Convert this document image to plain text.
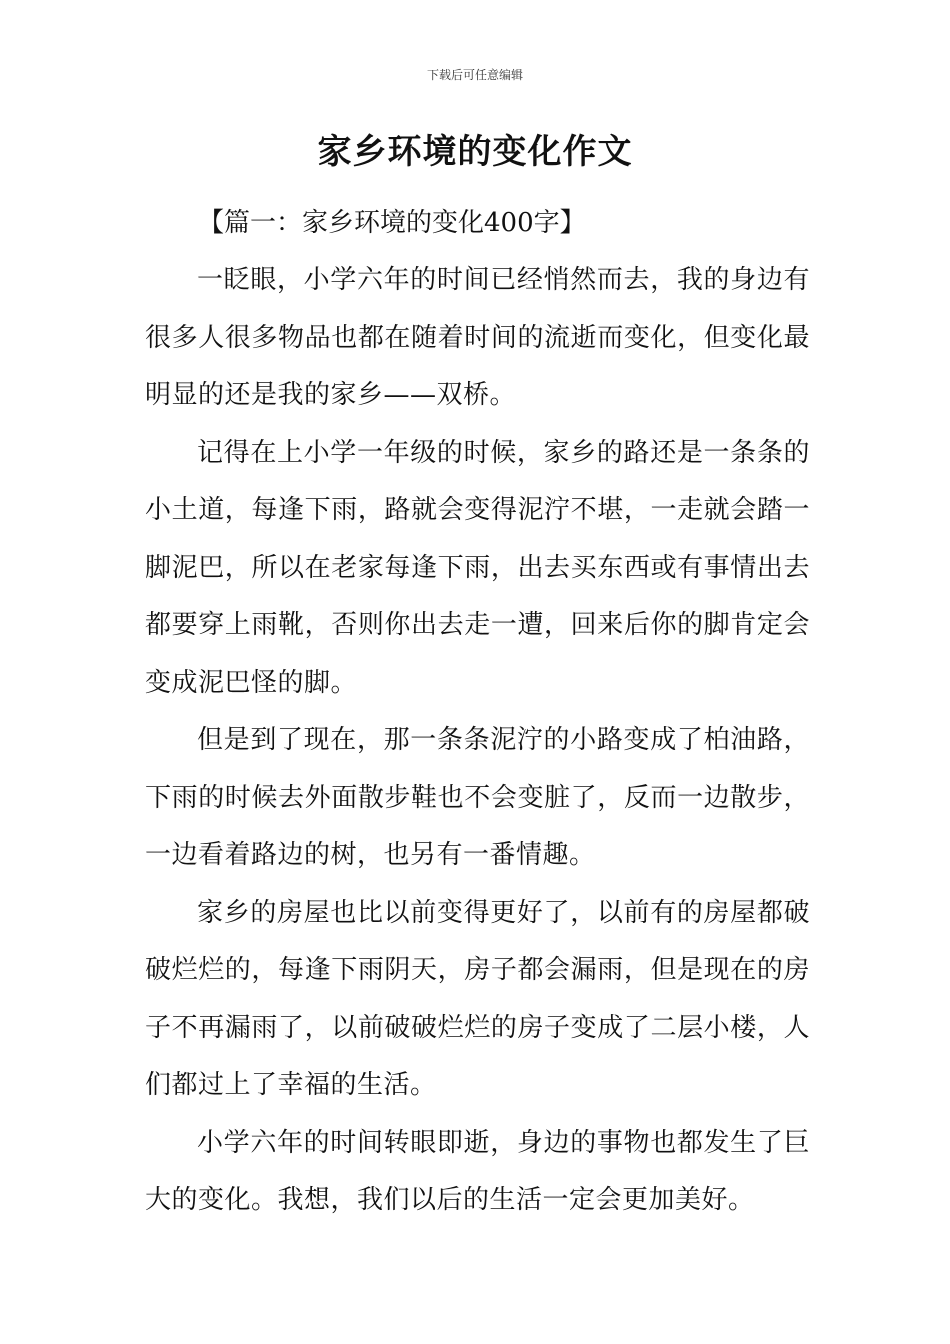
下载后可任意编辑
家乡环境的变化作文
【篇一：家乡环境的变化400字】

一眨眼，小学六年的时间已经悄然而去，我的身边有很多人很多物品也都在随着时间的流逝而变化，但变化最明显的还是我的家乡——双桥。

记得在上小学一年级的时候，家乡的路还是一条条的小土道，每逢下雨，路就会变得泥泞不堪，一走就会踏一脚泥巴，所以在老家每逢下雨，出去买东西或有事情出去都要穿上雨靴，否则你出去走一遭，回来后你的脚肯定会变成泥巴怪的脚。

但是到了现在，那一条条泥泞的小路变成了柏油路，下雨的时候去外面散步鞋也不会变脏了，反而一边散步，一边看着路边的树，也另有一番情趣。

家乡的房屋也比以前变得更好了，以前有的房屋都破破烂烂的，每逢下雨阴天，房子都会漏雨，但是现在的房子不再漏雨了，以前破破烂烂的房子变成了二层小楼，人们都过上了幸福的生活。

小学六年的时间转眼即逝，身边的事物也都发生了巨大的变化。我想，我们以后的生活一定会更加美好。
